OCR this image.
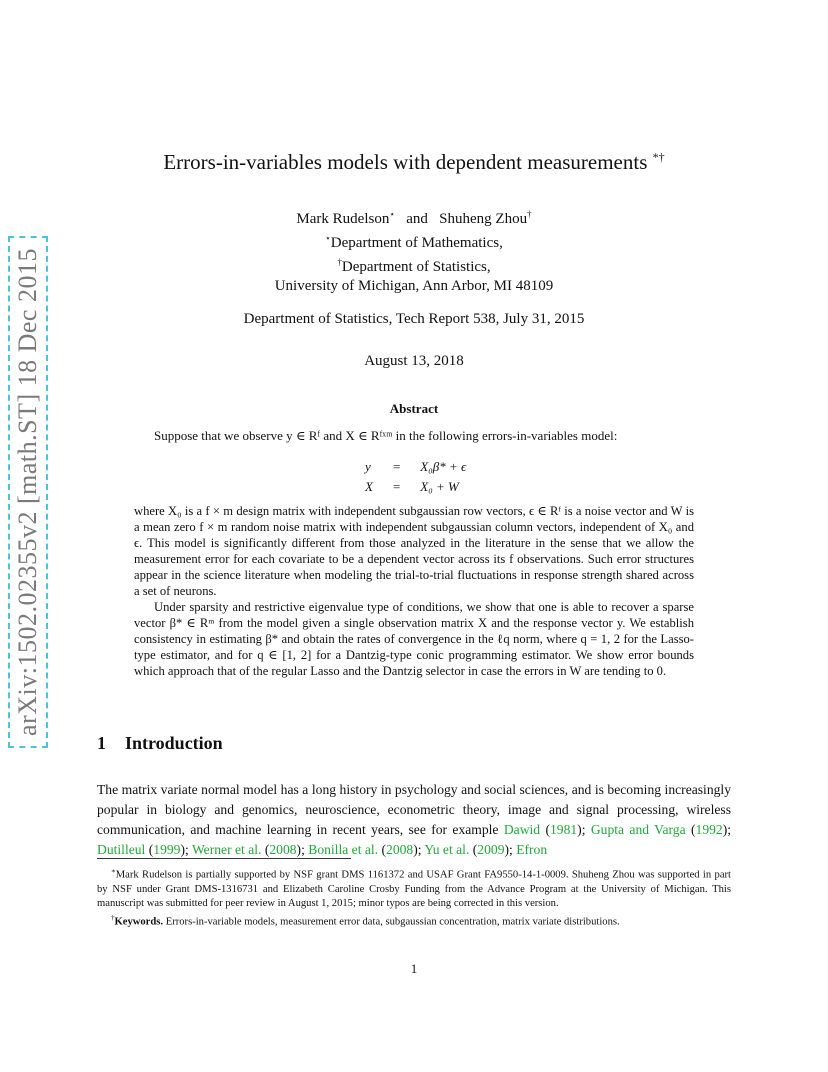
arXiv:1502.02355v2 [math.ST] 18 Dec 2015
Errors-in-variables models with dependent measurements *†
Mark Rudelson⋆ and Shuheng Zhou†
⋆Department of Mathematics,
†Department of Statistics,
University of Michigan, Ann Arbor, MI 48109
Department of Statistics, Tech Report 538, July 31, 2015
August 13, 2018
Abstract
Suppose that we observe y ∈ Rᶠ and X ∈ Rᶠˣᵐ in the following errors-in-variables model:
y	=	X₀β* + ϵ
X	=	X₀ + W

where X₀ is a f × m design matrix with independent subgaussian row vectors, ϵ ∈ Rᶠ is a noise vector and W is a mean zero f × m random noise matrix with independent subgaussian column vectors, independent of X₀ and ϵ. This model is significantly different from those analyzed in the literature in the sense that we allow the measurement error for each covariate to be a dependent vector across its f observations. Such error structures appear in the science literature when modeling the trial-to-trial fluctuations in response strength shared across a set of neurons.

Under sparsity and restrictive eigenvalue type of conditions, we show that one is able to recover a sparse vector β* ∈ Rᵐ from the model given a single observation matrix X and the response vector y. We establish consistency in estimating β* and obtain the rates of convergence in the ℓq norm, where q = 1, 2 for the Lasso-type estimator, and for q ∈ [1, 2] for a Dantzig-type conic programming estimator. We show error bounds which approach that of the regular Lasso and the Dantzig selector in case the errors in W are tending to 0.

1 Introduction
The matrix variate normal model has a long history in psychology and social sciences, and is becoming increasingly popular in biology and genomics, neuroscience, econometric theory, image and signal processing, wireless communication, and machine learning in recent years, see for example Dawid (1981); Gupta and Varga (1992); Dutilleul (1999); Werner et al. (2008); Bonilla et al. (2008); Yu et al. (2009); Efron

∗Mark Rudelson is partially supported by NSF grant DMS 1161372 and USAF Grant FA9550-14-1-0009. Shuheng Zhou was supported in part by NSF under Grant DMS-1316731 and Elizabeth Caroline Crosby Funding from the Advance Program at the University of Michigan. This manuscript was submitted for peer review in August 1, 2015; minor typos are being corrected in this version.

†Keywords. Errors-in-variable models, measurement error data, subgaussian concentration, matrix variate distributions.

1
